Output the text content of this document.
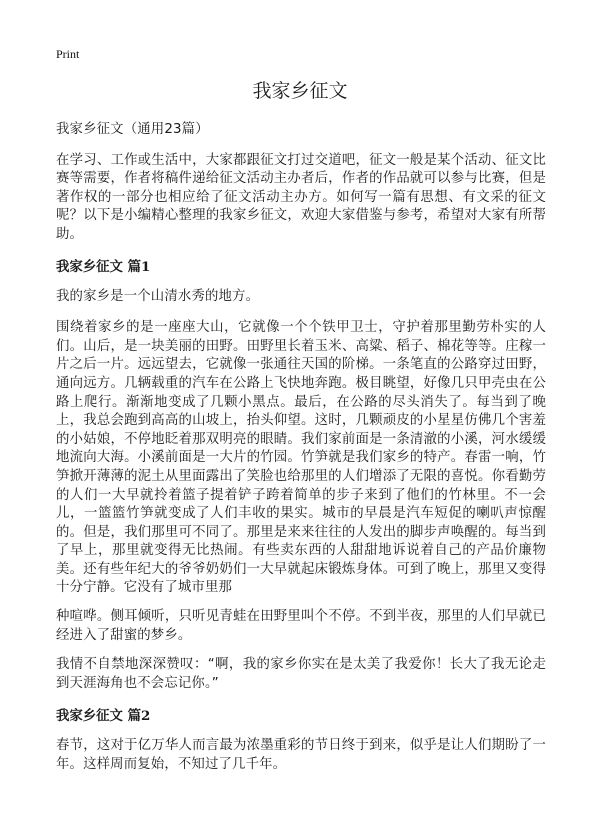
Print
我家乡征文

我家乡征文（通用23篇）

在学习、工作或生活中，大家都跟征文打过交道吧，征文一般是某个活动、征文比赛等需要，作者将稿件递给征文活动主办者后，作者的作品就可以参与比赛，但是著作权的一部分也相应给了征文活动主办方。如何写一篇有思想、有文采的征文呢？以下是小编精心整理的我家乡征文，欢迎大家借鉴与参考，希望对大家有所帮助。

我家乡征文 篇1

我的家乡是一个山清水秀的地方。

围绕着家乡的是一座座大山，它就像一个个铁甲卫士，守护着那里勤劳朴实的人们。山后，是一块美丽的田野。田野里长着玉米、高粱、稻子、棉花等等。庄稼一片之后一片。远远望去，它就像一张通往天国的阶梯。一条笔直的公路穿过田野，通向远方。几辆载重的汽车在公路上飞快地奔跑。极目眺望，好像几只甲壳虫在公路上爬行。渐渐地变成了几颗小黑点。最后，在公路的尽头消失了。每当到了晚上，我总会跑到高高的山坡上，抬头仰望。这时，几颗顽皮的小星星仿佛几个害羞的小姑娘，不停地眨着那双明亮的眼睛。我们家前面是一条清澈的小溪，河水缓缓地流向大海。小溪前面是一大片的竹园。竹笋就是我们家乡的特产。春雷一响，竹笋掀开薄薄的泥土从里面露出了笑脸也给那里的人们增添了无限的喜悦。你看勤劳的人们一大早就拎着篮子提着铲子跨着简单的步子来到了他们的竹林里。不一会儿，一篮篮竹笋就变成了人们丰收的果实。城市的早晨是汽车短促的喇叭声惊醒的。但是，我们那里可不同了。那里是来来往往的人发出的脚步声唤醒的。每当到了早上，那里就变得无比热闹。有些卖东西的人甜甜地诉说着自己的产品价廉物美。还有些年纪大的爷爷奶奶们一大早就起床锻炼身体。可到了晚上，那里又变得十分宁静。它没有了城市里那

种喧哗。侧耳倾听，只听见青蛙在田野里叫个不停。不到半夜，那里的人们早就已经进入了甜蜜的梦乡。

我情不自禁地深深赞叹：“啊，我的家乡你实在是太美了我爱你！长大了我无论走到天涯海角也不会忘记你。”

我家乡征文 篇2

春节，这对于亿万华人而言最为浓墨重彩的节日终于到来，似乎是让人们期盼了一年。这样周而复始，不知过了几千年。
